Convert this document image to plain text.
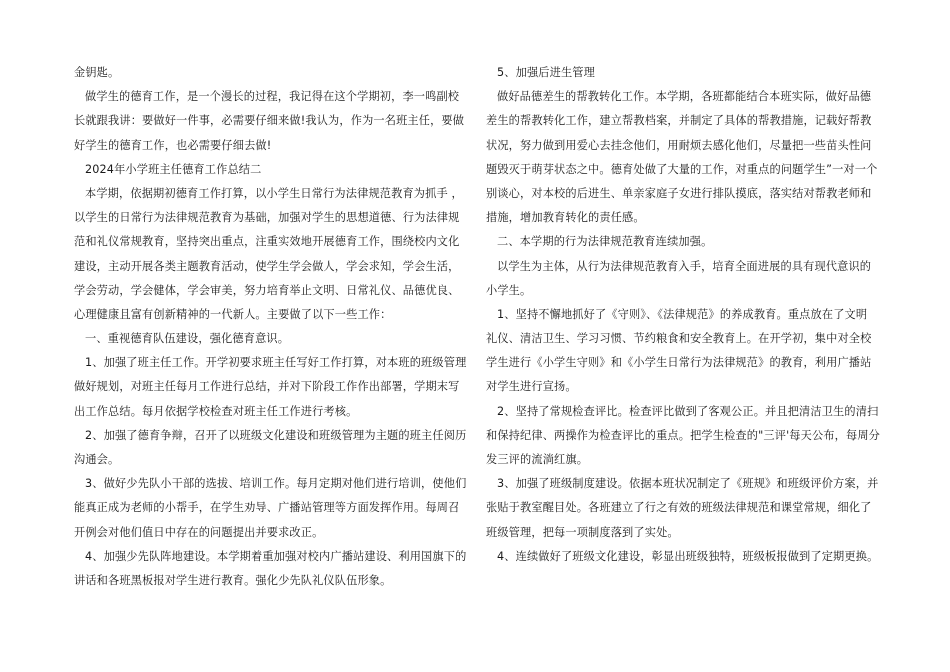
金钥匙。
做学生的德育工作，是一个漫长的过程，我记得在这个学期初，李一鸣副校
长就跟我讲：要做好一件事，必需要仔细来做!我认为，作为一名班主任，要做
好学生的德育工作，也必需要仔细去做!
2024年小学班主任德育工作总结二
本学期，依据期初德育工作打算，以小学生日常行为法律规范教育为抓手 ，
以学生的日常行为法律规范教育为基础，加强对学生的思想道德、行为法律规
范和礼仪常规教育，坚持突出重点，注重实效地开展德育工作，围绕校内文化
建设，主动开展各类主题教育活动，使学生学会做人，学会求知，学会生活，
学会劳动，学会健体，学会审美，努力培育举止文明、日常礼仪、品德优良、
心理健康且富有创新精神的一代新人。主要做了以下一些工作：
一、重视德育队伍建设，强化德育意识。
1、加强了班主任工作。开学初要求班主任写好工作打算，对本班的班级管理
做好规划，对班主任每月工作进行总结，并对下阶段工作作出部署，学期末写
出工作总结。每月依据学校检查对班主任工作进行考核。
2、加强了德育争辩，召开了以班级文化建设和班级管理为主题的班主任阅历
沟通会。
3、做好少先队小干部的选拔、培训工作。每月定期对他们进行培训，使他们
能真正成为老师的小帮手，在学生劝导、广播站管理等方面发挥作用。每周召
开例会对他们值日中存在的问题提出并要求改正。
4、加强少先队阵地建设。本学期着重加强对校内广播站建设、利用国旗下的
讲话和各班黑板报对学生进行教育。强化少先队礼仪队伍形象。
5、加强后进生管理
做好品德差生的帮教转化工作。本学期，各班都能结合本班实际，做好品德
差生的帮教转化工作，建立帮教档案，并制定了具体的帮教措施，记载好帮教
状况，努力做到用爱心去挂念他们，用耐烦去感化他们，尽量把一些苗头性问
题毁灭于萌芽状态之中。德育处做了大量的工作，对重点的问题学生”一对一个
别谈心，对本校的后进生、单亲家庭子女进行排队摸底，落实结对帮教老师和
措施，增加教育转化的责任感。
二、本学期的行为法律规范教育连续加强。
以学生为主体，从行为法律规范教育入手，培育全面进展的具有现代意识的
小学生。
1、坚持不懈地抓好了《守则》、《法律规范》的养成教育。重点放在了文明
礼仪、清洁卫生、学习习惯、节约粮食和安全教育上。在开学初，集中对全校
学生进行《小学生守则》和《小学生日常行为法律规范》的教育，利用广播站
对学生进行宣扬。
2、坚持了常规检查评比。检查评比做到了客观公正。并且把清洁卫生的清扫
和保持纪律、两操作为检查评比的重点。把学生检查的"三评'每天公布，每周分
发三评的流淌红旗。
3、加强了班级制度建设。依据本班状况制定了《班规》和班级评价方案，并
张贴于教室醒目处。各班建立了行之有效的班级法律规范和课堂常规，细化了
班级管理，把每一项制度落到了实处。
4、连续做好了班级文化建设，彰显出班级独特，班级板报做到了定期更换。
